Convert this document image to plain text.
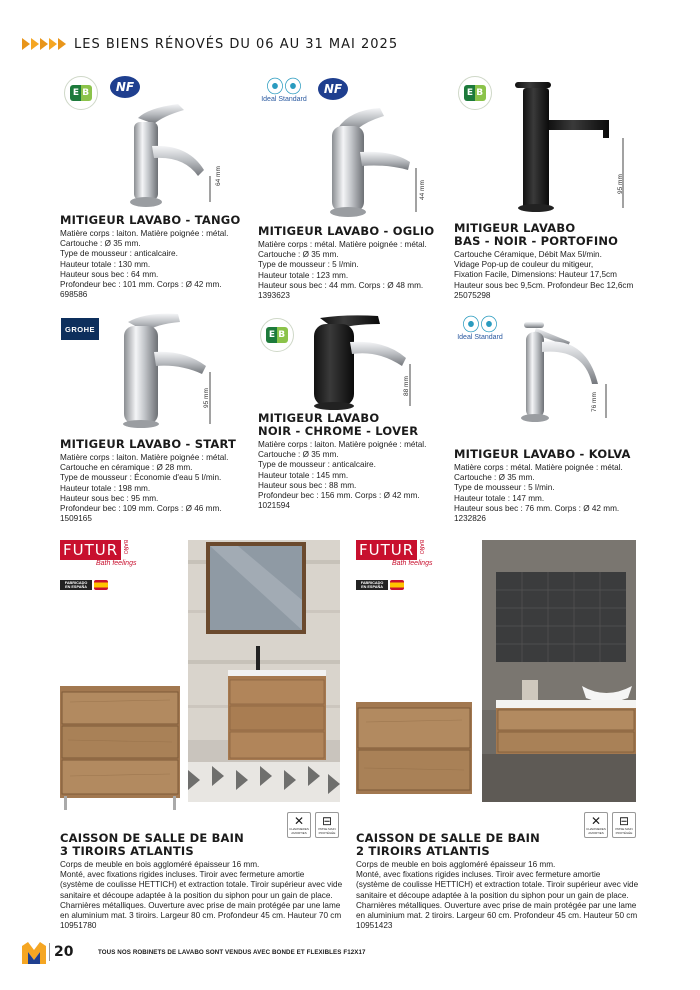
LES BIENS RÉNOVÉS DU 06 AU 31 MAI 2025
E B	NF
64 mm
⦿⦿
Ideal Standard
NF
44 mm
E B
95 mm
MITIGEUR LAVABO - TANGO
Matière corps : laiton. Matière poignée : métal.
Cartouche : Ø 35 mm.
Type de mousseur : anticalcaire.
Hauteur totale : 130 mm.
Hauteur sous bec : 64 mm.
Profondeur bec : 101 mm. Corps : Ø 42 mm.
698586
MITIGEUR LAVABO - OGLIO
Matière corps : métal. Matière poignée : métal.
Cartouche : Ø 35 mm.
Type de mousseur : 5 l/min.
Hauteur totale : 123 mm.
Hauteur sous bec : 44 mm. Corps : Ø 48 mm.
1393623
MITIGEUR LAVABO
BAS - NOIR - PORTOFINO
Cartouche Céramique, Débit Max 5l/min.
Vidage Pop-up de couleur du mitigeur,
Fixation Facile, Dimensions: Hauteur 17,5cm
Hauteur sous bec 9,5cm. Profondeur Bec 12,6cm
25075298
GROHE
95 mm
E B
88 mm
⦿⦿
Ideal Standard
76 mm
MITIGEUR LAVABO - START
Matière corps : laiton. Matière poignée : métal.
Cartouche en céramique : Ø 28 mm.
Type de mousseur : Économie d'eau 5 l/min.
Hauteur totale : 198 mm.
Hauteur sous bec : 95 mm.
Profondeur bec : 109 mm. Corps : Ø 46 mm.
1509165
MITIGEUR LAVABO
NOIR - CHROME - LOVER
Matière corps : laiton. Matière poignée : métal.
Cartouche : Ø 35 mm.
Type de mousseur : anticalcaire.
Hauteur totale : 145 mm.
Hauteur sous bec : 88 mm.
Profondeur bec : 156 mm. Corps : Ø 42 mm.
1021594
MITIGEUR LAVABO - KOLVA
Matière corps : métal. Matière poignée : métal.
Cartouche : Ø 35 mm.
Type de mousseur : 5 l/min.
Hauteur totale : 147 mm.
Hauteur sous bec : 76 mm. Corps : Ø 42 mm.
1232826
FUTUR BAÑO
Bath feelings
FABRICADO EN ESPAÑA
FUTUR BAÑO
Bath feelings
FABRICADO EN ESPAÑA
✕
CHARNIERES AMORTIES
⊟
PRISE MAIN PROTÉGÉE
✕
CHARNIERES AMORTIES
⊟
PRISE MAIN PROTÉGÉE
CAISSON DE SALLE DE BAIN
3 TIROIRS ATLANTIS
Corps de meuble en bois aggloméré épaisseur 16 mm.
Monté, avec fixations rigides incluses. Tiroir avec fermeture amortie
(système de coulisse HETTICH) et extraction totale. Tiroir supérieur avec vide
sanitaire et découpe adaptée à la position du siphon pour un gain de place.
Charnières métalliques. Ouverture avec prise de main protégée par une lame
en aluminium mat. 3 tiroirs. Largeur 80 cm. Profondeur 45 cm. Hauteur 70 cm
10951780
CAISSON DE SALLE DE BAIN
2 TIROIRS ATLANTIS
Corps de meuble en bois aggloméré épaisseur 16 mm.
Monté, avec fixations rigides incluses. Tiroir avec fermeture amortie
(système de coulisse HETTICH) et extraction totale. Tiroir supérieur avec vide
sanitaire et découpe adaptée à la position du siphon pour un gain de place.
Charnières métalliques. Ouverture avec prise de main protégée par une lame
en aluminium mat. 2 tiroirs. Largeur 60 cm. Profondeur 45 cm. Hauteur 50 cm
10951423
20	TOUS NOS ROBINETS DE LAVABO SONT VENDUS AVEC BONDE ET FLEXIBLES F12X17
